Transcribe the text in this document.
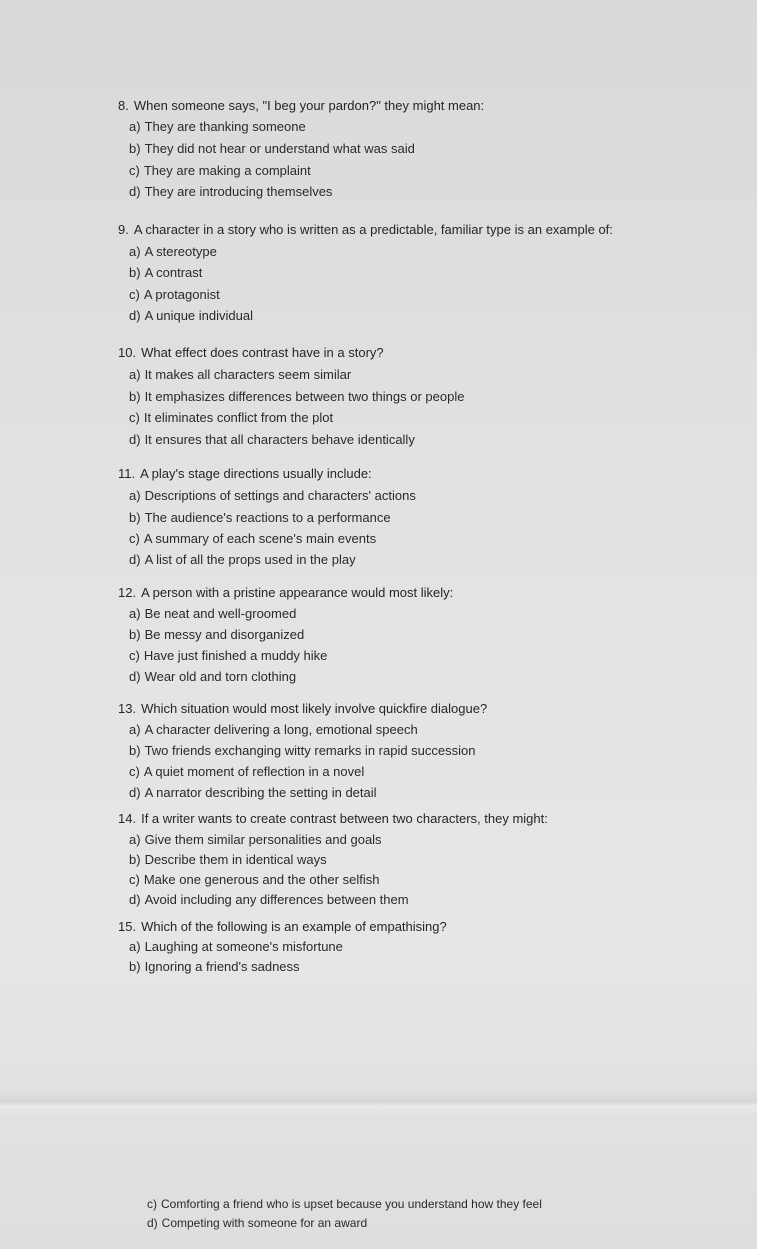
8. When someone says, "I beg your pardon?" they might mean:
a) They are thanking someone
b) They did not hear or understand what was said
c) They are making a complaint
d) They are introducing themselves
9. A character in a story who is written as a predictable, familiar type is an example of:
a) A stereotype
b) A contrast
c) A protagonist
d) A unique individual
10. What effect does contrast have in a story?
a) It makes all characters seem similar
b) It emphasizes differences between two things or people
c) It eliminates conflict from the plot
d) It ensures that all characters behave identically
11. A play's stage directions usually include:
a) Descriptions of settings and characters' actions
b) The audience's reactions to a performance
c) A summary of each scene's main events
d) A list of all the props used in the play
12. A person with a pristine appearance would most likely:
a) Be neat and well-groomed
b) Be messy and disorganized
c) Have just finished a muddy hike
d) Wear old and torn clothing
13. Which situation would most likely involve quickfire dialogue?
a) A character delivering a long, emotional speech
b) Two friends exchanging witty remarks in rapid succession
c) A quiet moment of reflection in a novel
d) A narrator describing the setting in detail
14. If a writer wants to create contrast between two characters, they might:
a) Give them similar personalities and goals
b) Describe them in identical ways
c) Make one generous and the other selfish
d) Avoid including any differences between them
15. Which of the following is an example of empathising?
a) Laughing at someone's misfortune
b) Ignoring a friend's sadness
c) Comforting a friend who is upset because you understand how they feel
d) Competing with someone for an award
